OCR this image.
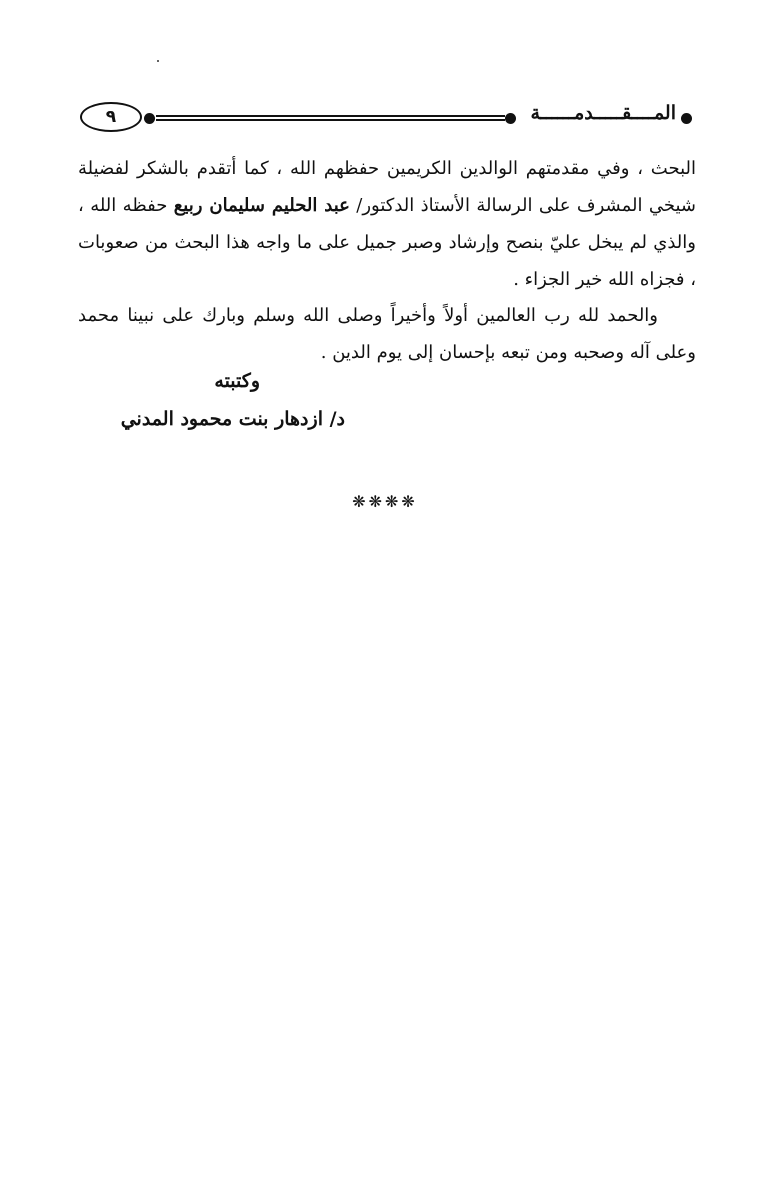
٩	المــــقـــــدمــــــة
البحث ، وفي مقدمتهم الوالدين الكريمين حفظهم الله ، كما أتقدم بالشكر لفضيلة شيخي المشرف على الرسالة الأستاذ الدكتور/ عبد الحليم سليمان ربيع حفظه الله ، والذي لم يبخل عليّ بنصح وإرشاد وصبر جميل على ما واجه هذا البحث من صعوبات ، فجزاه الله خير الجزاء .
والحمد لله رب العالمين أولاً وأخيراً وصلى الله وسلم وبارك على نبينا محمد وعلى آله وصحبه ومن تبعه بإحسان إلى يوم الدين .
وكتبته
د/ ازدهار بنت محمود المدني
❋❋❋❋
